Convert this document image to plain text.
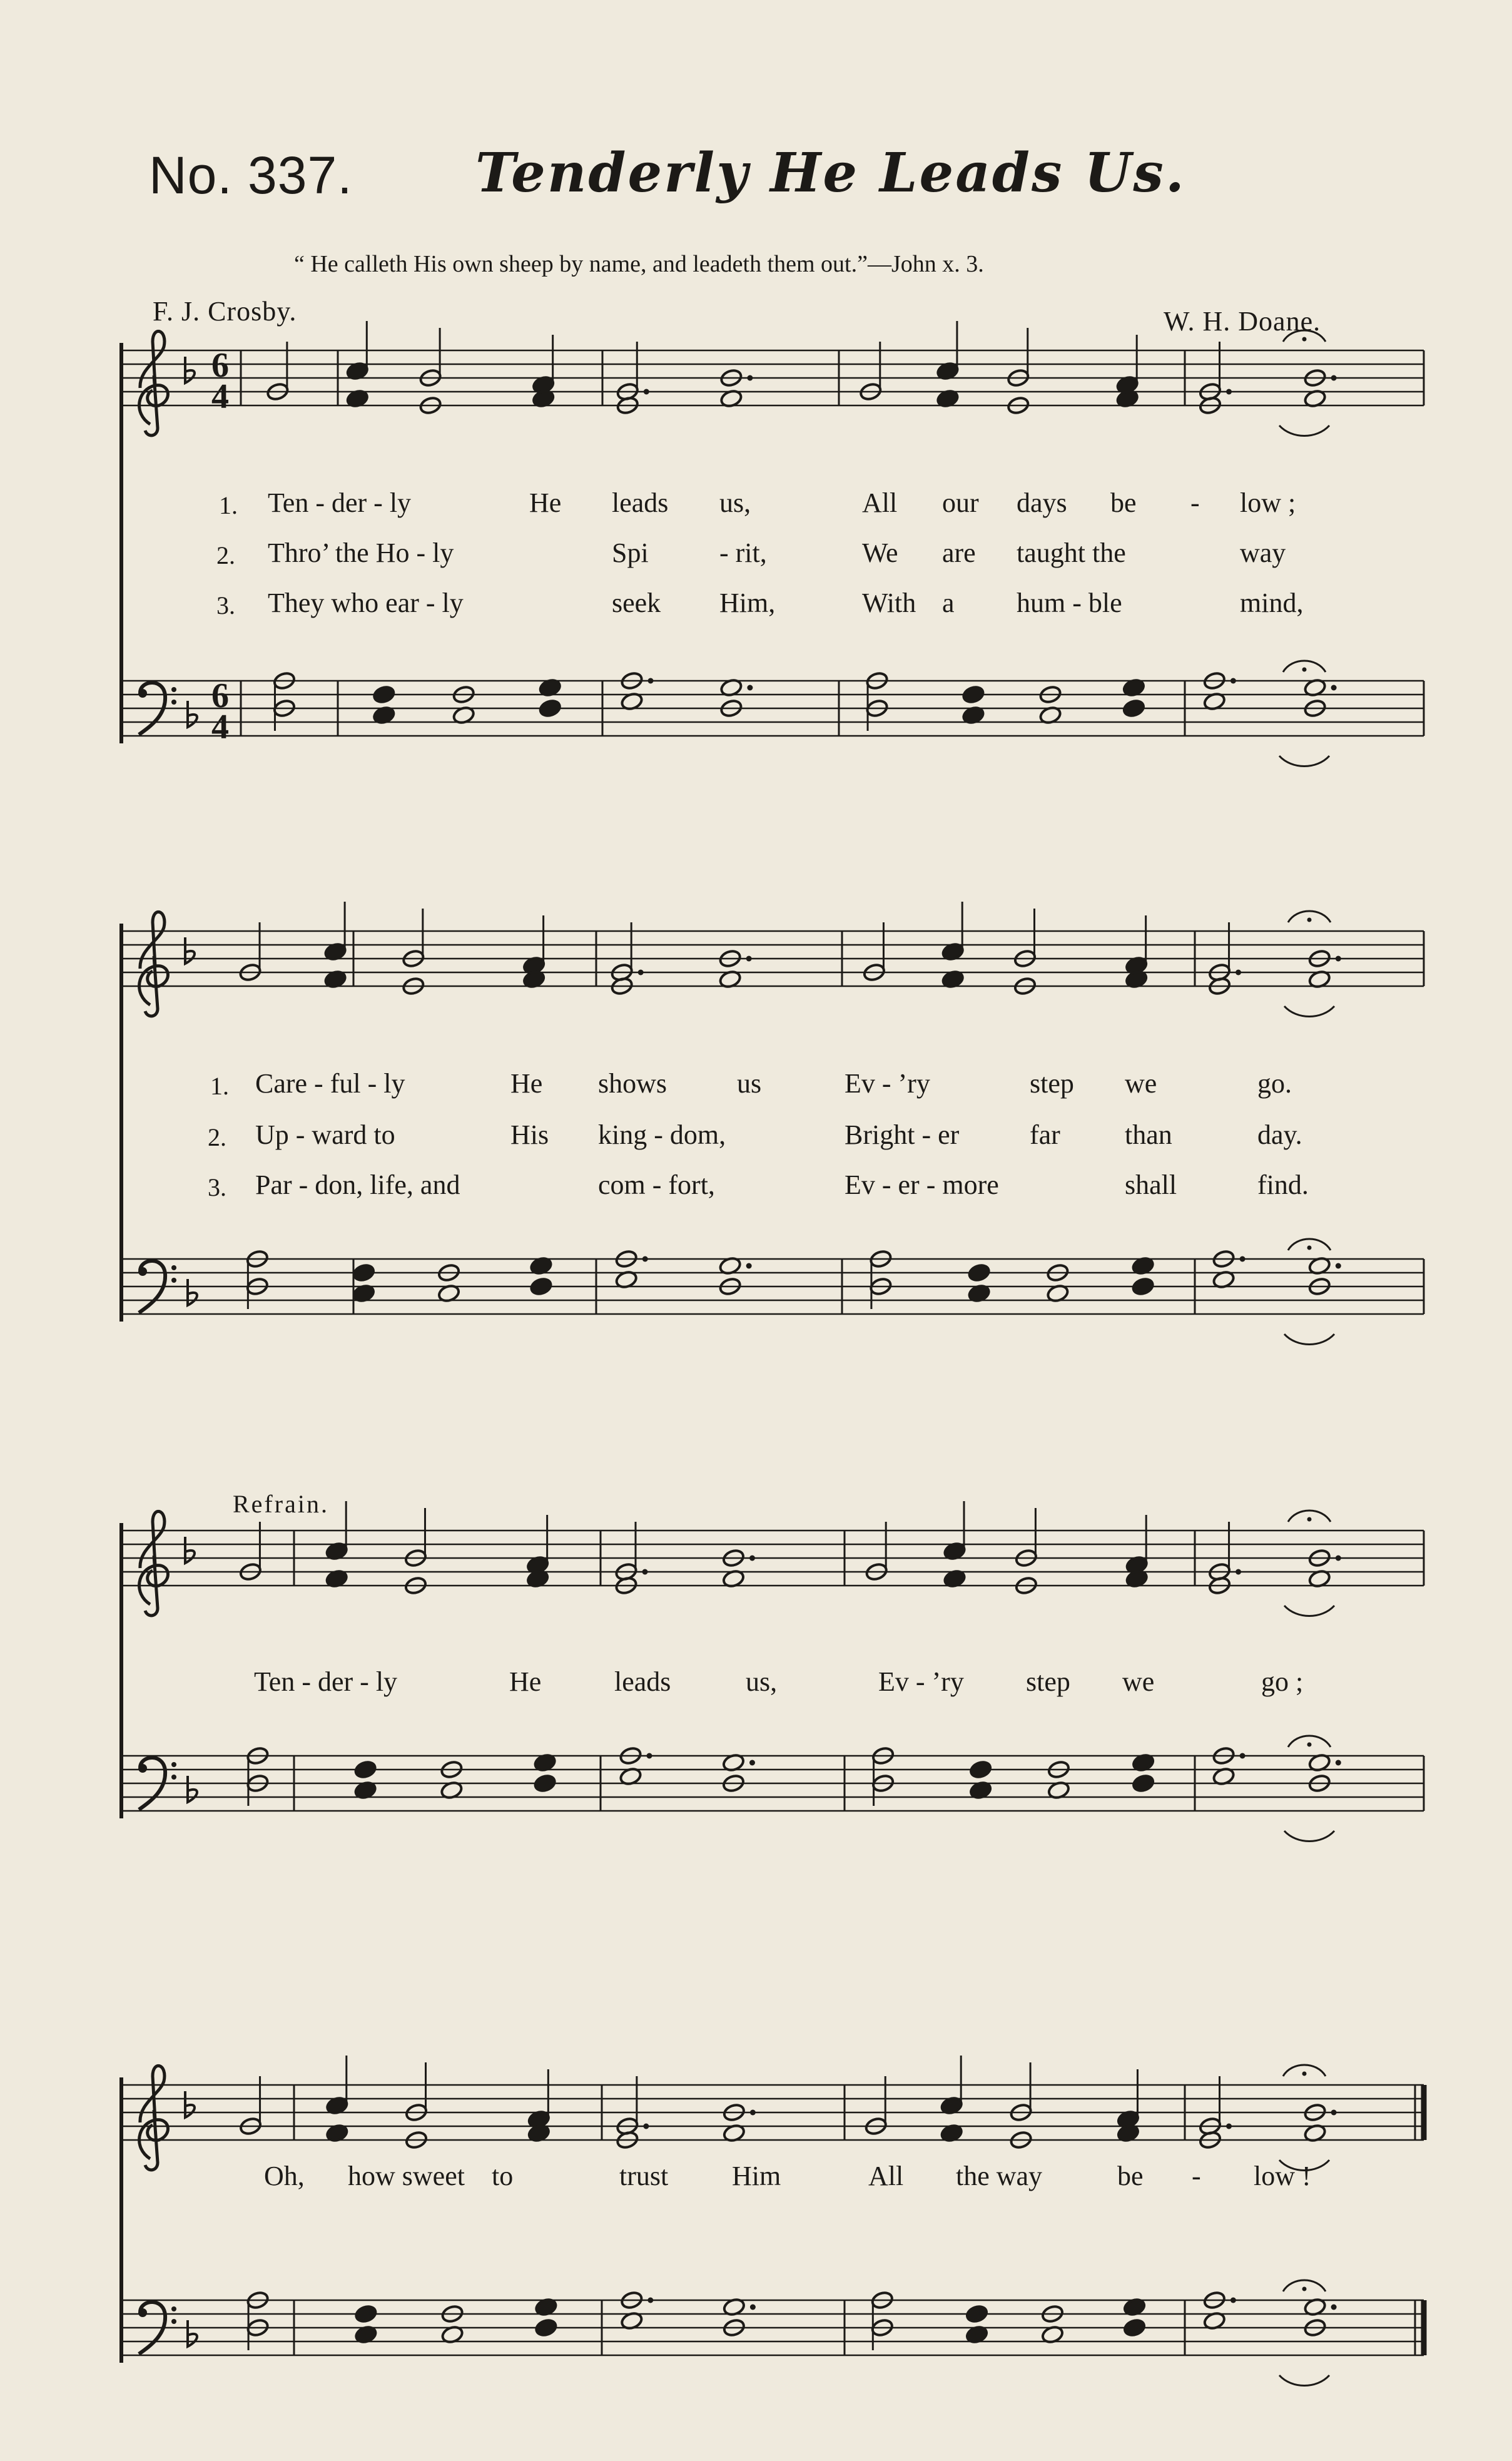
No. 337. Tenderly He Leads Us.
“ He calleth His own sheep by name, and leadeth them out.”—John x. 3.
F. J. Crosby.	W. H. Doane.
6
4
6
4
1.
2.
3.
Ten - der - ly	He leads us,	All our days be - low ;
Thro’ the Ho - ly	Spi	- rit,	We are taught the	way
They who ear - ly	seek Him,	With a hum - ble	mind,
1.
2.
3.
Care - ful - ly	He shows	us	Ev - ’ry	step we	go.
Up - ward to	His king - dom,	Bright - er	far than	day.
Par - don, life, and	com - fort,	Ev - er - more	shall	find.
Refrain.
Ten - der - ly	He	leads	us,	Ev - ’ry step we	go ;
Oh, how sweet to	trust Him	All the way	be - low !
